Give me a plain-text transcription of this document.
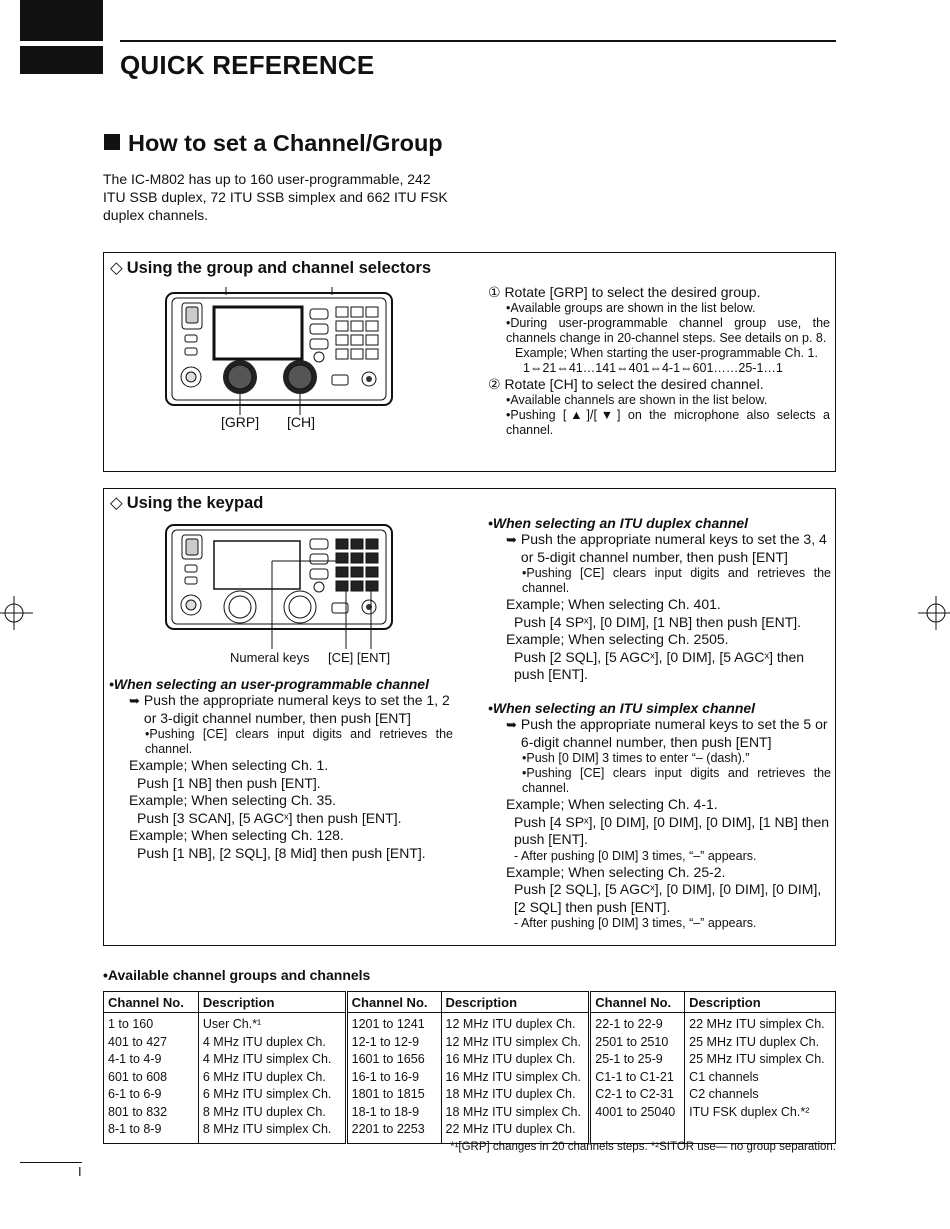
QUICK REFERENCE
How to set a Channel/Group
The IC-M802 has up to 160 user-programmable, 242 ITU SSB duplex, 72 ITU SSB simplex and 662 ITU FSK duplex channels.
◇ Using the group and channel selectors
[GRP] [CH]
① Rotate [GRP] to select the desired group.
•Available groups are shown in the list below.
•During user-programmable channel group use, the channels change in 20-channel steps. See details on p. 8.
Example; When starting the user-programmable Ch. 1.
1⇔21⇔41…141⇔401⇔4-1⇔601……25-1…1
② Rotate [CH] to select the desired channel.
•Available channels are shown in the list below.
•Pushing [▲]/[▼] on the microphone also selects a channel.
◇ Using the keypad
Numeral keys [CE] [ENT]
•When selecting an user-programmable channel
➥ Push the appropriate numeral keys to set the 1, 2 or 3-digit channel number, then push [ENT]
•Pushing [CE] clears input digits and retrieves the channel.
Example; When selecting Ch. 1.
Push [1 NB] then push [ENT].
Example; When selecting Ch. 35.
Push [3 SCAN], [5 AGCˣ] then push [ENT].
Example; When selecting Ch. 128.
Push [1 NB], [2 SQL], [8 Mid] then push [ENT].
•When selecting an ITU duplex channel
➥ Push the appropriate numeral keys to set the 3, 4 or 5-digit channel number, then push [ENT]
•Pushing [CE] clears input digits and retrieves the channel.
Example; When selecting Ch. 401.
Push [4 SPˣ], [0 DIM], [1 NB] then push [ENT].
Example; When selecting Ch. 2505.
Push [2 SQL], [5 AGCˣ], [0 DIM], [5 AGCˣ] then push [ENT].
•When selecting an ITU simplex channel
➥ Push the appropriate numeral keys to set the 5 or 6-digit channel number, then push [ENT]
•Push [0 DIM] 3 times to enter “– (dash).”
•Pushing [CE] clears input digits and retrieves the channel.
Example; When selecting Ch. 4-1.
Push [4 SPˣ], [0 DIM], [0 DIM], [0 DIM], [1 NB] then push [ENT].
- After pushing [0 DIM] 3 times, “–” appears.
Example; When selecting Ch. 25-2.
Push [2 SQL], [5 AGCˣ], [0 DIM], [0 DIM], [0 DIM], [2 SQL] then push [ENT].
- After pushing [0 DIM] 3 times, “–” appears.
•Available channel groups and channels
Channel No.	Description	Channel No.	Description	Channel No.	Description
1 to 160	User Ch.*¹	1201 to 1241	12 MHz ITU duplex Ch.	22-1 to 22-9	22 MHz ITU simplex Ch.
401 to 427	4 MHz ITU duplex Ch.	12-1 to 12-9	12 MHz ITU simplex Ch.	2501 to 2510	25 MHz ITU duplex Ch.
4-1 to 4-9	4 MHz ITU simplex Ch.	1601 to 1656	16 MHz ITU duplex Ch.	25-1 to 25-9	25 MHz ITU simplex Ch.
601 to 608	6 MHz ITU duplex Ch.	16-1 to 16-9	16 MHz ITU simplex Ch.	C1-1 to C1-21	C1 channels
6-1 to 6-9	6 MHz ITU simplex Ch.	1801 to 1815	18 MHz ITU duplex Ch.	C2-1 to C2-31	C2 channels
801 to 832	8 MHz ITU duplex Ch.	18-1 to 18-9	18 MHz ITU simplex Ch.	4001 to 25040	ITU FSK duplex Ch.*²
8-1 to 8-9	8 MHz ITU simplex Ch.	2201 to 2253	22 MHz ITU duplex Ch.		
*¹[GRP] changes in 20 channels steps. *²SITOR use— no group separation.
I
